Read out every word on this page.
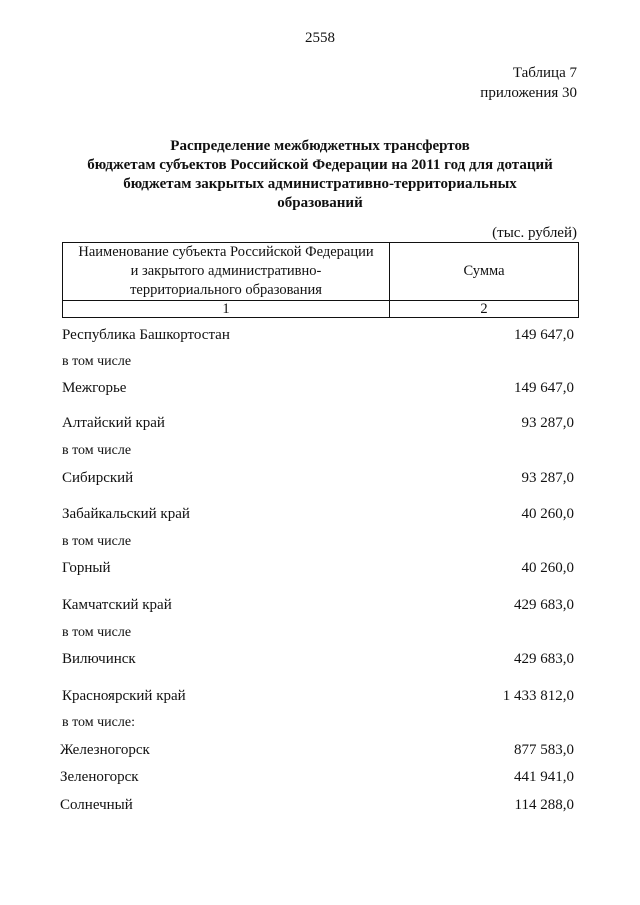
2558
Таблица 7
приложения 30
Распределение межбюджетных трансфертов
бюджетам субъектов Российской Федерации на 2011 год для дотаций
бюджетам закрытых административно-территориальных
образований
(тыс. рублей)
Наименование субъекта Российской Федерации
и закрытого административно-
территориального образования	Сумма
1	2
Республика Башкортостан	149 647,0
в том числе
Межгорье	149 647,0
Алтайский край	93 287,0
в том числе
Сибирский	93 287,0
Забайкальский край	40 260,0
в том числе
Горный	40 260,0
Камчатский край	429 683,0
в том числе
Вилючинск	429 683,0
Красноярский край	1 433 812,0
в том числе:
Железногорск	877 583,0
Зеленогорск	441 941,0
Солнечный	114 288,0
